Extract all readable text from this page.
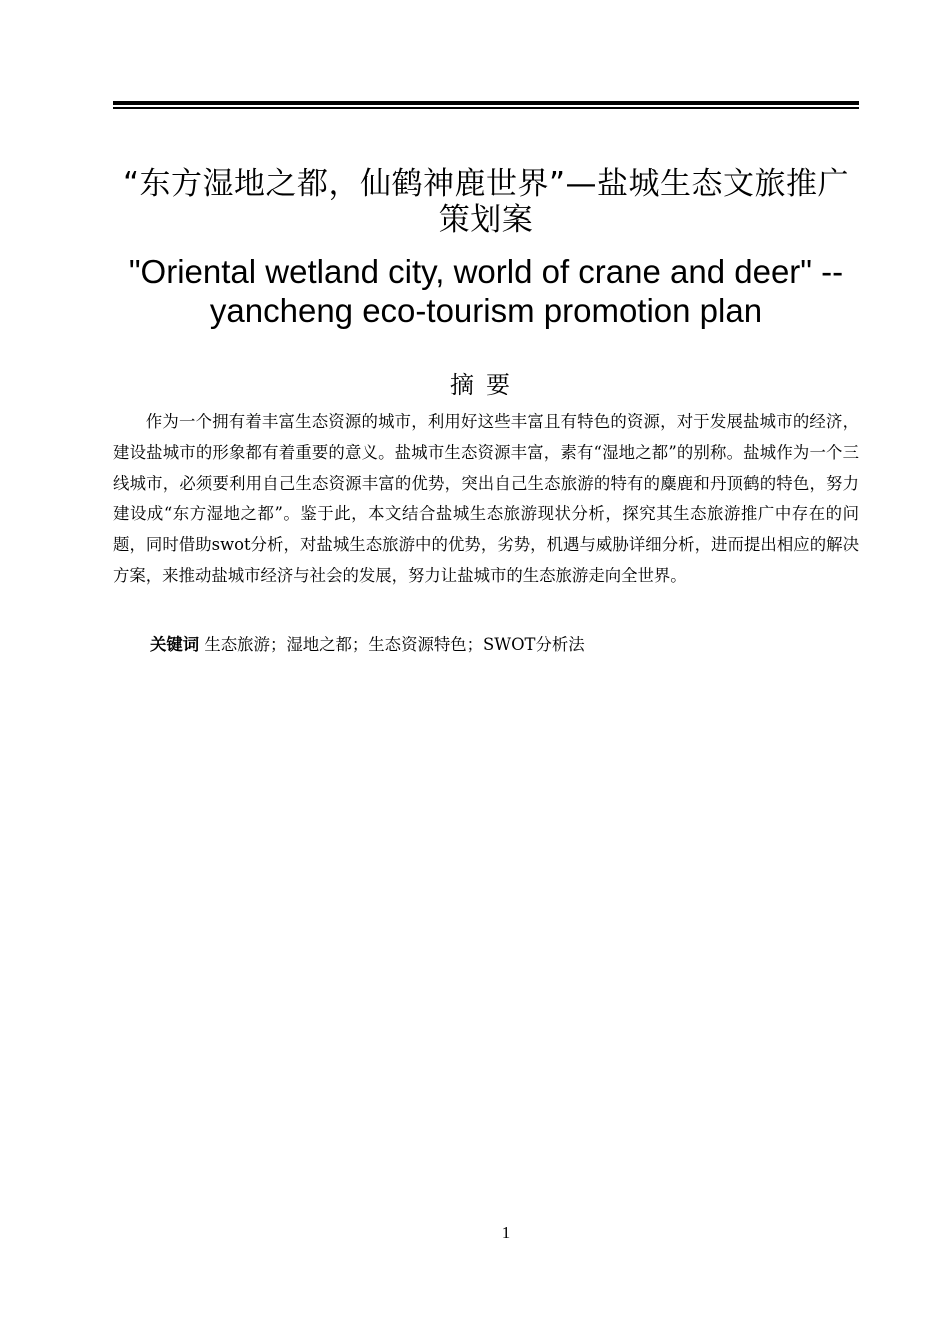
“东方湿地之都，仙鹤神鹿世界”—盐城生态文旅推广策划案
"Oriental wetland city, world of crane and deer" -- yancheng eco-tourism promotion plan
摘要
作为一个拥有着丰富生态资源的城市，利用好这些丰富且有特色的资源，对于发展盐城市的经济，建设盐城市的形象都有着重要的意义。盐城市生态资源丰富，素有“湿地之都”的别称。盐城作为一个三线城市，必须要利用自己生态资源丰富的优势，突出自己生态旅游的特有的麋鹿和丹顶鹤的特色，努力建设成“东方湿地之都”。鉴于此，本文结合盐城生态旅游现状分析，探究其生态旅游推广中存在的问题，同时借助swot分析，对盐城生态旅游中的优势，劣势，机遇与威胁详细分析，进而提出相应的解决方案，来推动盐城市经济与社会的发展，努力让盐城市的生态旅游走向全世界。
关键词 生态旅游；湿地之都；生态资源特色；SWOT分析法
1
